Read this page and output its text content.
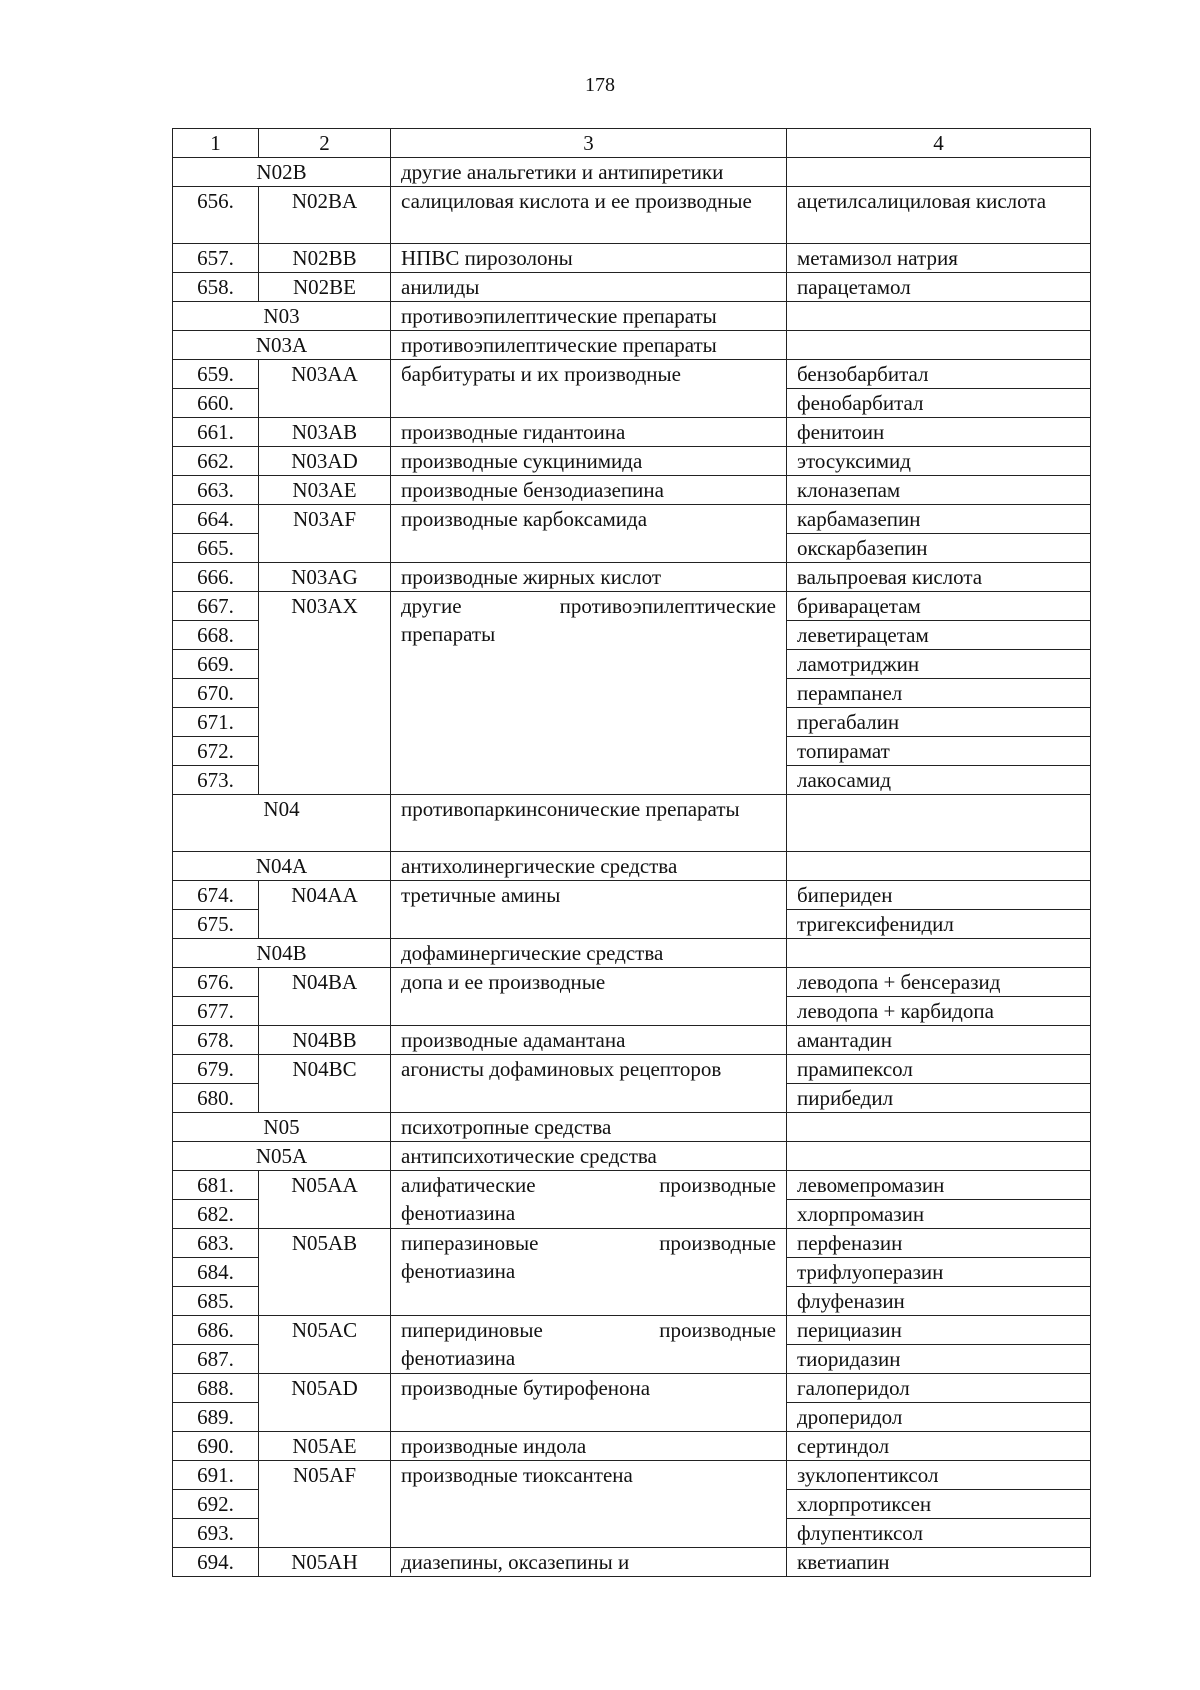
178
1	2	3	4
N02B		другие анальгетики и антипиретики	
656.	N02BA	салициловая кислота и ее производные	ацетилсалициловая кислота
657.	N02BB	НПВС пирозолоны	метамизол натрия
658.	N02BE	анилиды	парацетамол
N03		противоэпилептические препараты	
N03A		противоэпилептические препараты	
659.	N03AA	барбитураты и их производные	бензобарбитал
660.			фенобарбитал
661.	N03AB	производные гидантоина	фенитоин
662.	N03AD	производные сукцинимида	этосуксимид
663.	N03AE	производные бензодиазепина	клоназепам
664.	N03AF	производные карбоксамида	карбамазепин
665.			окскарбазепин
666.	N03AG	производные жирных кислот	вальпроевая кислота
667.	N03AX	другие противоэпилептические препараты	бриварацетам
668.			леветирацетам
669.			ламотриджин
670.			перампанел
671.			прегабалин
672.			топирамат
673.			лакосамид
N04		противопаркинсонические препараты	
N04A		антихолинергические средства	
674.	N04AA	третичные амины	бипериден
675.			тригексифенидил
N04B		дофаминергические средства	
676.	N04BA	допа и ее производные	леводопа + бенсеразид
677.			леводопа + карбидопа
678.	N04BB	производные адамантана	амантадин
679.	N04BC	агонисты дофаминовых рецепторов	прамипексол
680.			пирибедил
N05		психотропные средства	
N05A		антипсихотические средства	
681.	N05AA	алифатические производные фенотиазина	левомепромазин
682.			хлорпромазин
683.	N05AB	пиперазиновые производные фенотиазина	перфеназин
684.			трифлуоперазин
685.			флуфеназин
686.	N05AC	пиперидиновые производные фенотиазина	перициазин
687.			тиоридазин
688.	N05AD	производные бутирофенона	галоперидол
689.			дроперидол
690.	N05AE	производные индола	сертиндол
691.	N05AF	производные тиоксантена	зуклопентиксол
692.			хлорпротиксен
693.			флупентиксол
694.	N05AH	диазепины, оксазепины и	кветиапин
